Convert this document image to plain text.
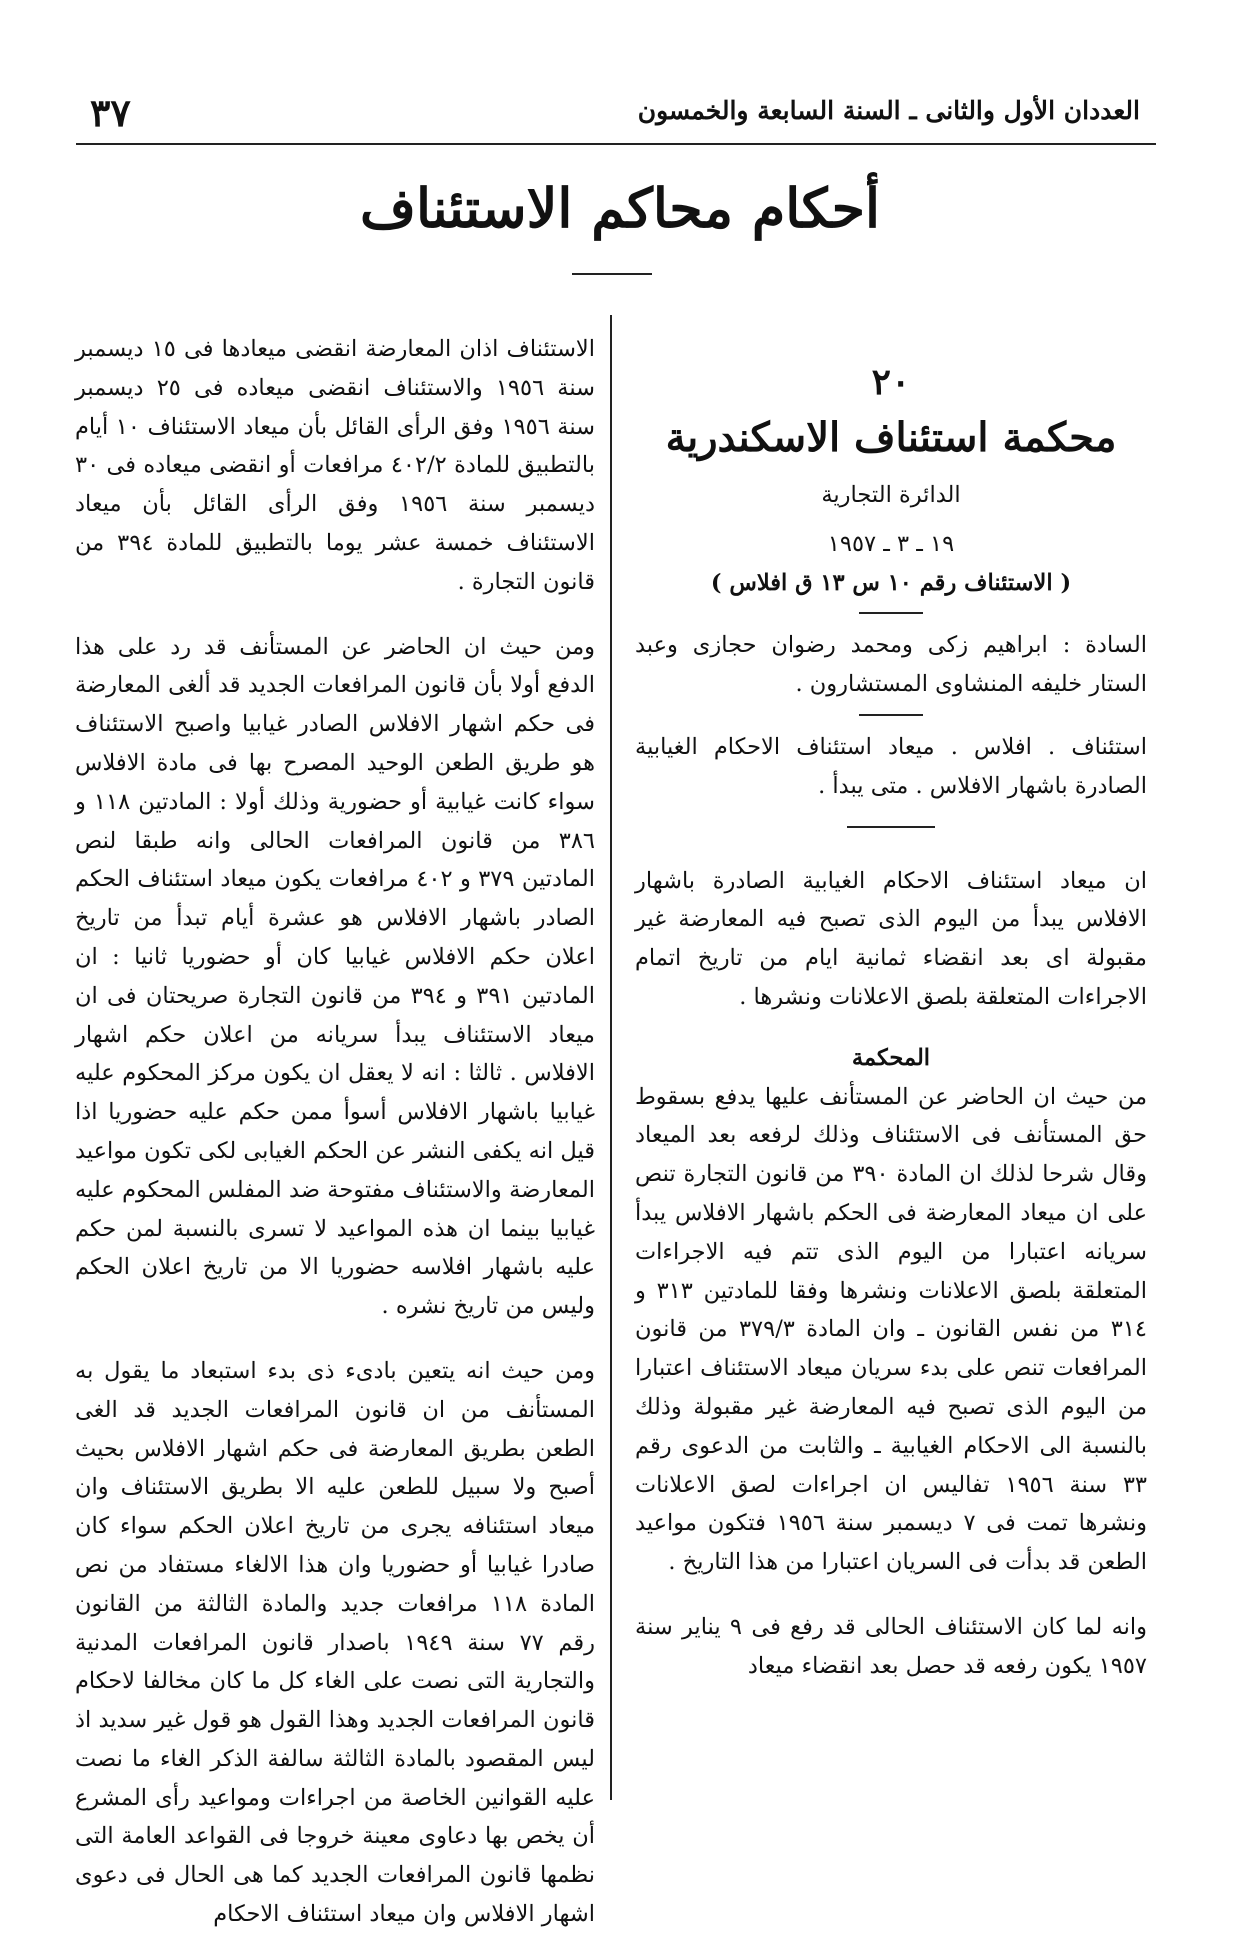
العددان الأول والثانى ـ السنة السابعة والخمسون
٣٧
أحكام محاكم الاستئناف
٢٠
محكمة استئناف الاسكندرية

الدائرة التجارية

١٩ ـ ٣ ـ ١٩٥٧

( الاستئناف رقم ١٠ س ١٣ ق افلاس )

السادة : ابراهيم زكى ومحمد رضوان حجازى وعبد الستار خليفه المنشاوى المستشارون .

استئناف . افلاس . ميعاد استئناف الاحكام الغيابية الصادرة باشهار الافلاس . متى يبدأ .

ان ميعاد استئناف الاحكام الغيابية الصادرة باشهار الافلاس يبدأ من اليوم الذى تصبح فيه المعارضة غير مقبولة اى بعد انقضاء ثمانية ايام من تاريخ اتمام الاجراءات المتعلقة بلصق الاعلانات ونشرها .

المحكمة

من حيث ان الحاضر عن المستأنف عليها يدفع بسقوط حق المستأنف فى الاستئناف وذلك لرفعه بعد الميعاد وقال شرحا لذلك ان المادة ٣٩٠ من قانون التجارة تنص على ان ميعاد المعارضة فى الحكم باشهار الافلاس يبدأ سريانه اعتبارا من اليوم الذى تتم فيه الاجراءات المتعلقة بلصق الاعلانات ونشرها وفقا للمادتين ٣١٣ و ٣١٤ من نفس القانون ـ وان المادة ٣٧٩/٣ من قانون المرافعات تنص على بدء سريان ميعاد الاستئناف اعتبارا من اليوم الذى تصبح فيه المعارضة غير مقبولة وذلك بالنسبة الى الاحكام الغيابية ـ والثابت من الدعوى رقم ٣٣ سنة ١٩٥٦ تفاليس ان اجراءات لصق الاعلانات ونشرها تمت فى ٧ ديسمبر سنة ١٩٥٦ فتكون مواعيد الطعن قد بدأت فى السريان اعتبارا من هذا التاريخ .

وانه لما كان الاستئناف الحالى قد رفع فى ٩ يناير سنة ١٩٥٧ يكون رفعه قد حصل بعد انقضاء ميعاد

الاستئناف اذان المعارضة انقضى ميعادها فى ١٥ ديسمبر سنة ١٩٥٦ والاستئناف انقضى ميعاده فى ٢٥ ديسمبر سنة ١٩٥٦ وفق الرأى القائل بأن ميعاد الاستئناف ١٠ أيام بالتطبيق للمادة ٤٠٢/٢ مرافعات أو انقضى ميعاده فى ٣٠ ديسمبر سنة ١٩٥٦ وفق الرأى القائل بأن ميعاد الاستئناف خمسة عشر يوما بالتطبيق للمادة ٣٩٤ من قانون التجارة .

ومن حيث ان الحاضر عن المستأنف قد رد على هذا الدفع أولا بأن قانون المرافعات الجديد قد ألغى المعارضة فى حكم اشهار الافلاس الصادر غيابيا واصبح الاستئناف هو طريق الطعن الوحيد المصرح بها فى مادة الافلاس سواء كانت غيابية أو حضورية وذلك أولا : المادتين ١١٨ و ٣٨٦ من قانون المرافعات الحالى وانه طبقا لنص المادتين ٣٧٩ و ٤٠٢ مرافعات يكون ميعاد استئناف الحكم الصادر باشهار الافلاس هو عشرة أيام تبدأ من تاريخ اعلان حكم الافلاس غيابيا كان أو حضوريا ثانيا : ان المادتين ٣٩١ و ٣٩٤ من قانون التجارة صريحتان فى ان ميعاد الاستئناف يبدأ سريانه من اعلان حكم اشهار الافلاس . ثالثا : انه لا يعقل ان يكون مركز المحكوم عليه غيابيا باشهار الافلاس أسوأ ممن حكم عليه حضوريا اذا قيل انه يكفى النشر عن الحكم الغيابى لكى تكون مواعيد المعارضة والاستئناف مفتوحة ضد المفلس المحكوم عليه غيابيا بينما ان هذه المواعيد لا تسرى بالنسبة لمن حكم عليه باشهار افلاسه حضوريا الا من تاريخ اعلان الحكم وليس من تاريخ نشره .

ومن حيث انه يتعين بادىء ذى بدء استبعاد ما يقول به المستأنف من ان قانون المرافعات الجديد قد الغى الطعن بطريق المعارضة فى حكم اشهار الافلاس بحيث أصبح ولا سبيل للطعن عليه الا بطريق الاستئناف وان ميعاد استئنافه يجرى من تاريخ اعلان الحكم سواء كان صادرا غيابيا أو حضوريا وان هذا الالغاء مستفاد من نص المادة ١١٨ مرافعات جديد والمادة الثالثة من القانون رقم ٧٧ سنة ١٩٤٩ باصدار قانون المرافعات المدنية والتجارية التى نصت على الغاء كل ما كان مخالفا لاحكام قانون المرافعات الجديد وهذا القول هو قول غير سديد اذ ليس المقصود بالمادة الثالثة سالفة الذكر الغاء ما نصت عليه القوانين الخاصة من اجراءات ومواعيد رأى المشرع أن يخص بها دعاوى معينة خروجا فى القواعد العامة التى نظمها قانون المرافعات الجديد كما هى الحال فى دعوى اشهار الافلاس وان ميعاد استئناف الاحكام
